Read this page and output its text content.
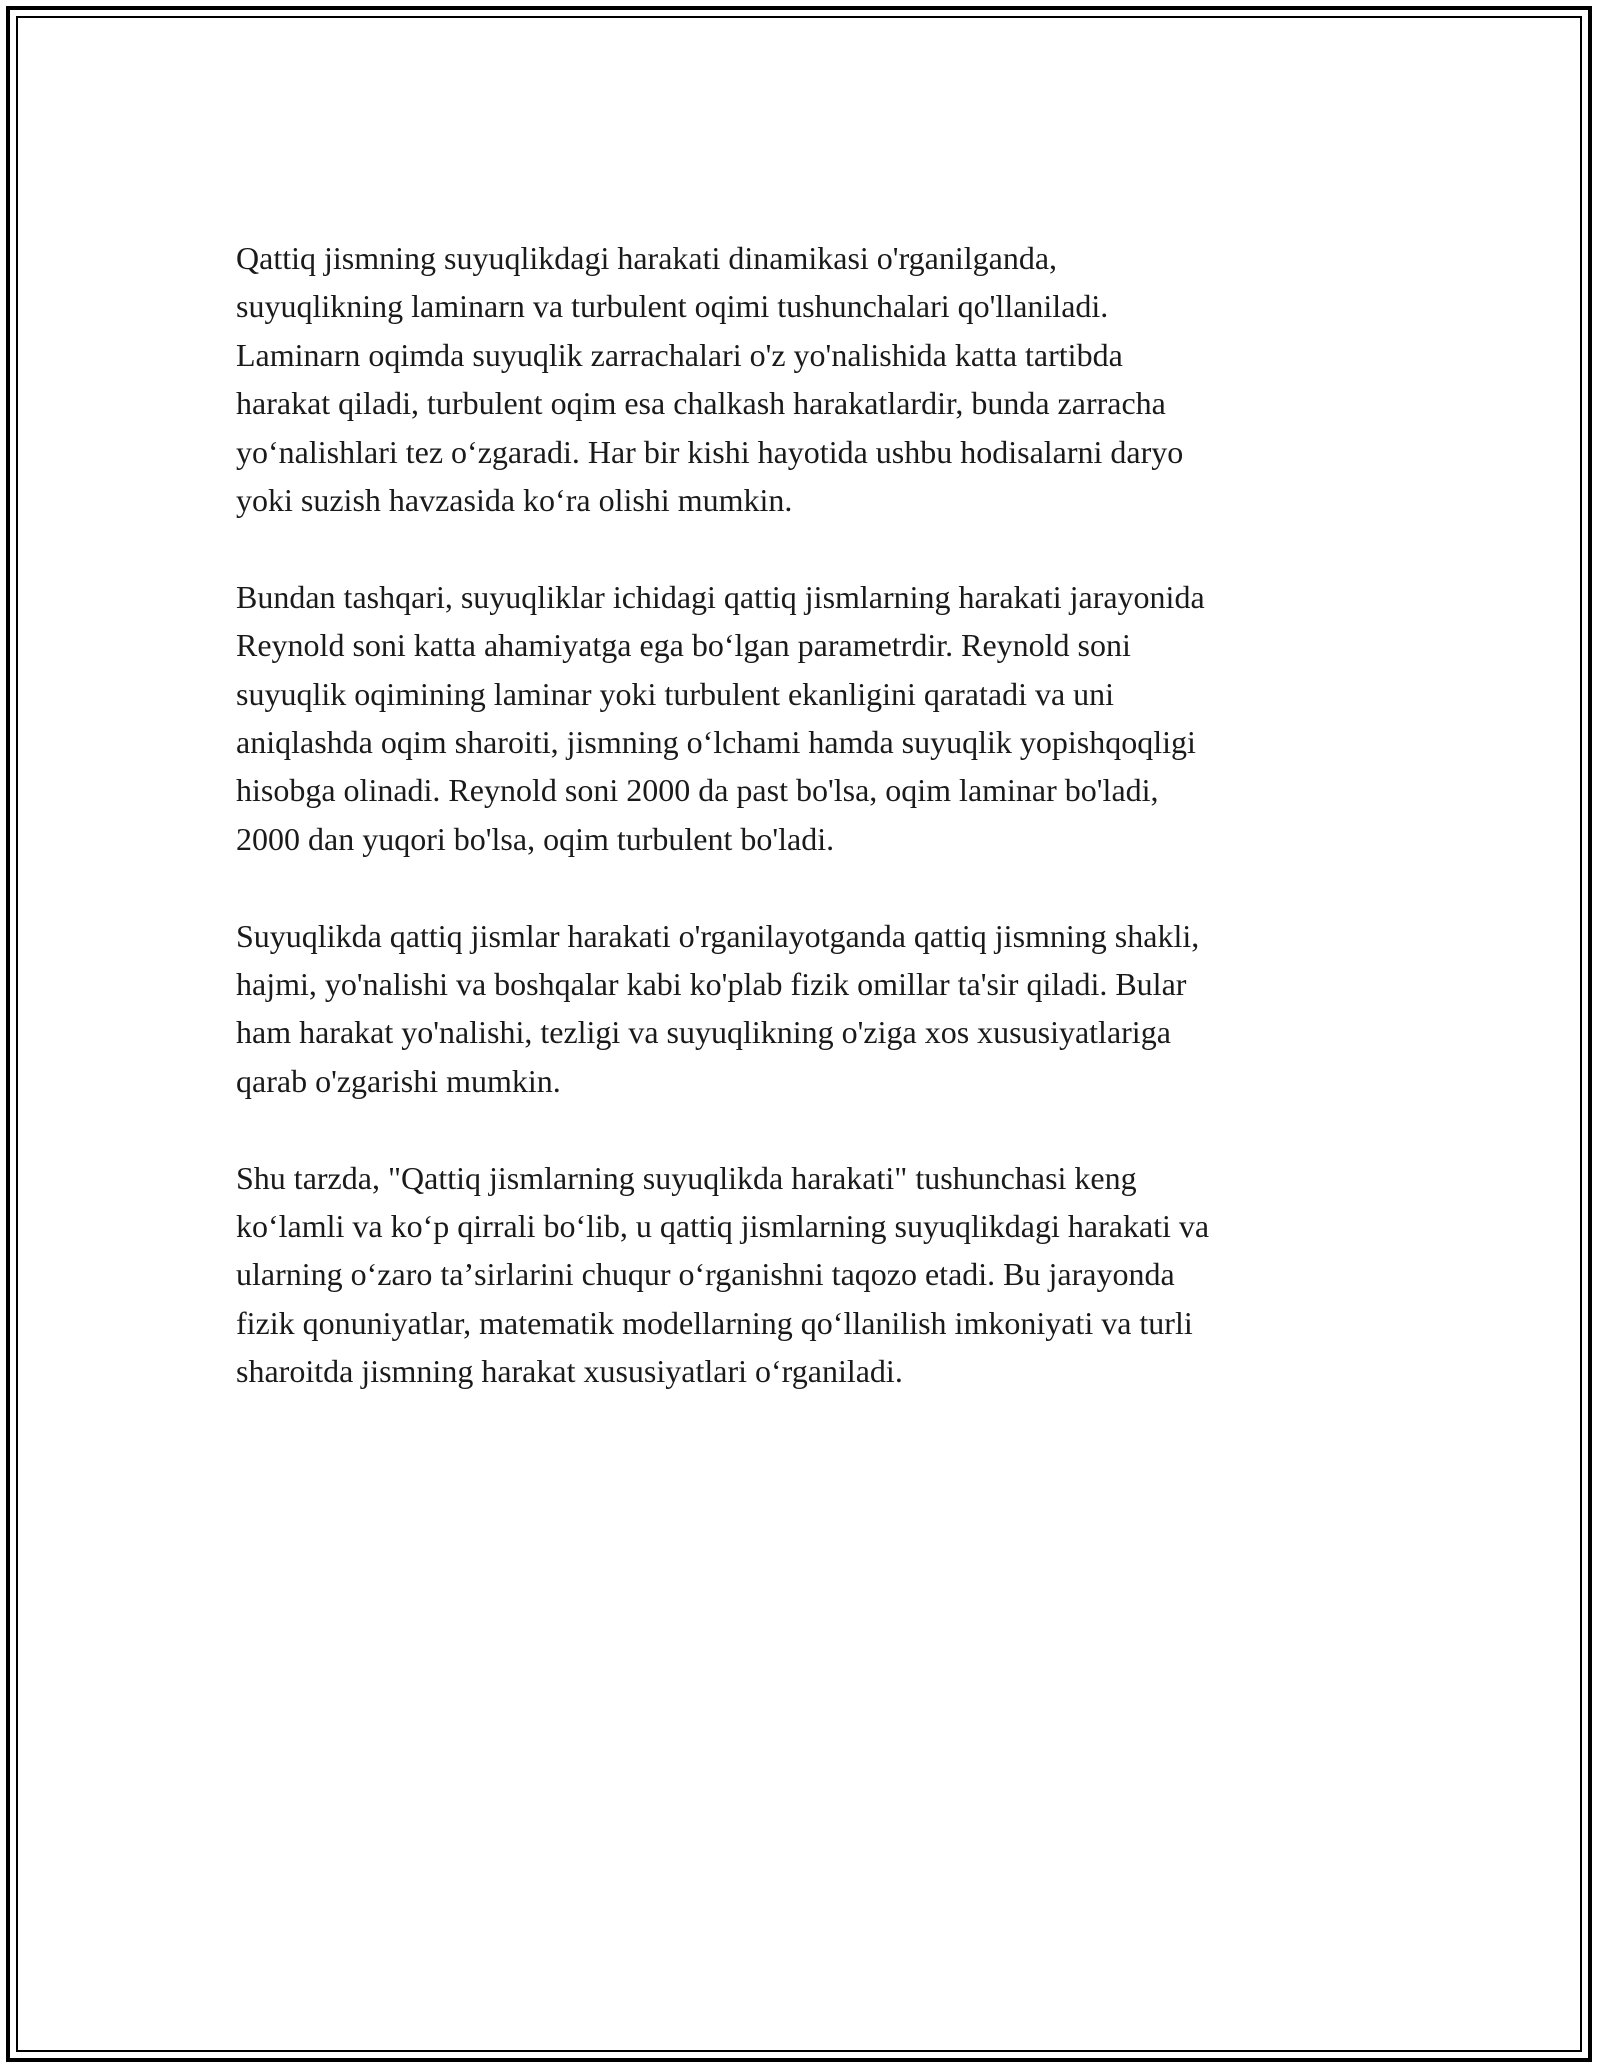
Qattiq jismning suyuqlikdagi harakati dinamikasi o'rganilganda,
suyuqlikning laminarn va turbulent oqimi tushunchalari qo'llaniladi.
Laminarn oqimda suyuqlik zarrachalari o'z yo'nalishida katta tartibda
harakat qiladi, turbulent oqim esa chalkash harakatlardir, bunda zarracha
yoʻnalishlari tez oʻzgaradi. Har bir kishi hayotida ushbu hodisalarni daryo
yoki suzish havzasida koʻra olishi mumkin.

Bundan tashqari, suyuqliklar ichidagi qattiq jismlarning harakati jarayonida
Reynold soni katta ahamiyatga ega boʻlgan parametrdir. Reynold soni
suyuqlik oqimining laminar yoki turbulent ekanligini qaratadi va uni
aniqlashda oqim sharoiti, jismning oʻlchami hamda suyuqlik yopishqoqligi
hisobga olinadi. Reynold soni 2000 da past bo'lsa, oqim laminar bo'ladi,
2000 dan yuqori bo'lsa, oqim turbulent bo'ladi.

Suyuqlikda qattiq jismlar harakati o'rganilayotganda qattiq jismning shakli,
hajmi, yo'nalishi va boshqalar kabi ko'plab fizik omillar ta'sir qiladi. Bular
ham harakat yo'nalishi, tezligi va suyuqlikning o'ziga xos xususiyatlariga
qarab o'zgarishi mumkin.

Shu tarzda, "Qattiq jismlarning suyuqlikda harakati" tushunchasi keng
koʻlamli va koʻp qirrali boʻlib, u qattiq jismlarning suyuqlikdagi harakati va
ularning oʻzaro taʼsirlarini chuqur oʻrganishni taqozo etadi. Bu jarayonda
fizik qonuniyatlar, matematik modellarning qoʻllanilish imkoniyati va turli
sharoitda jismning harakat xususiyatlari oʻrganiladi.
